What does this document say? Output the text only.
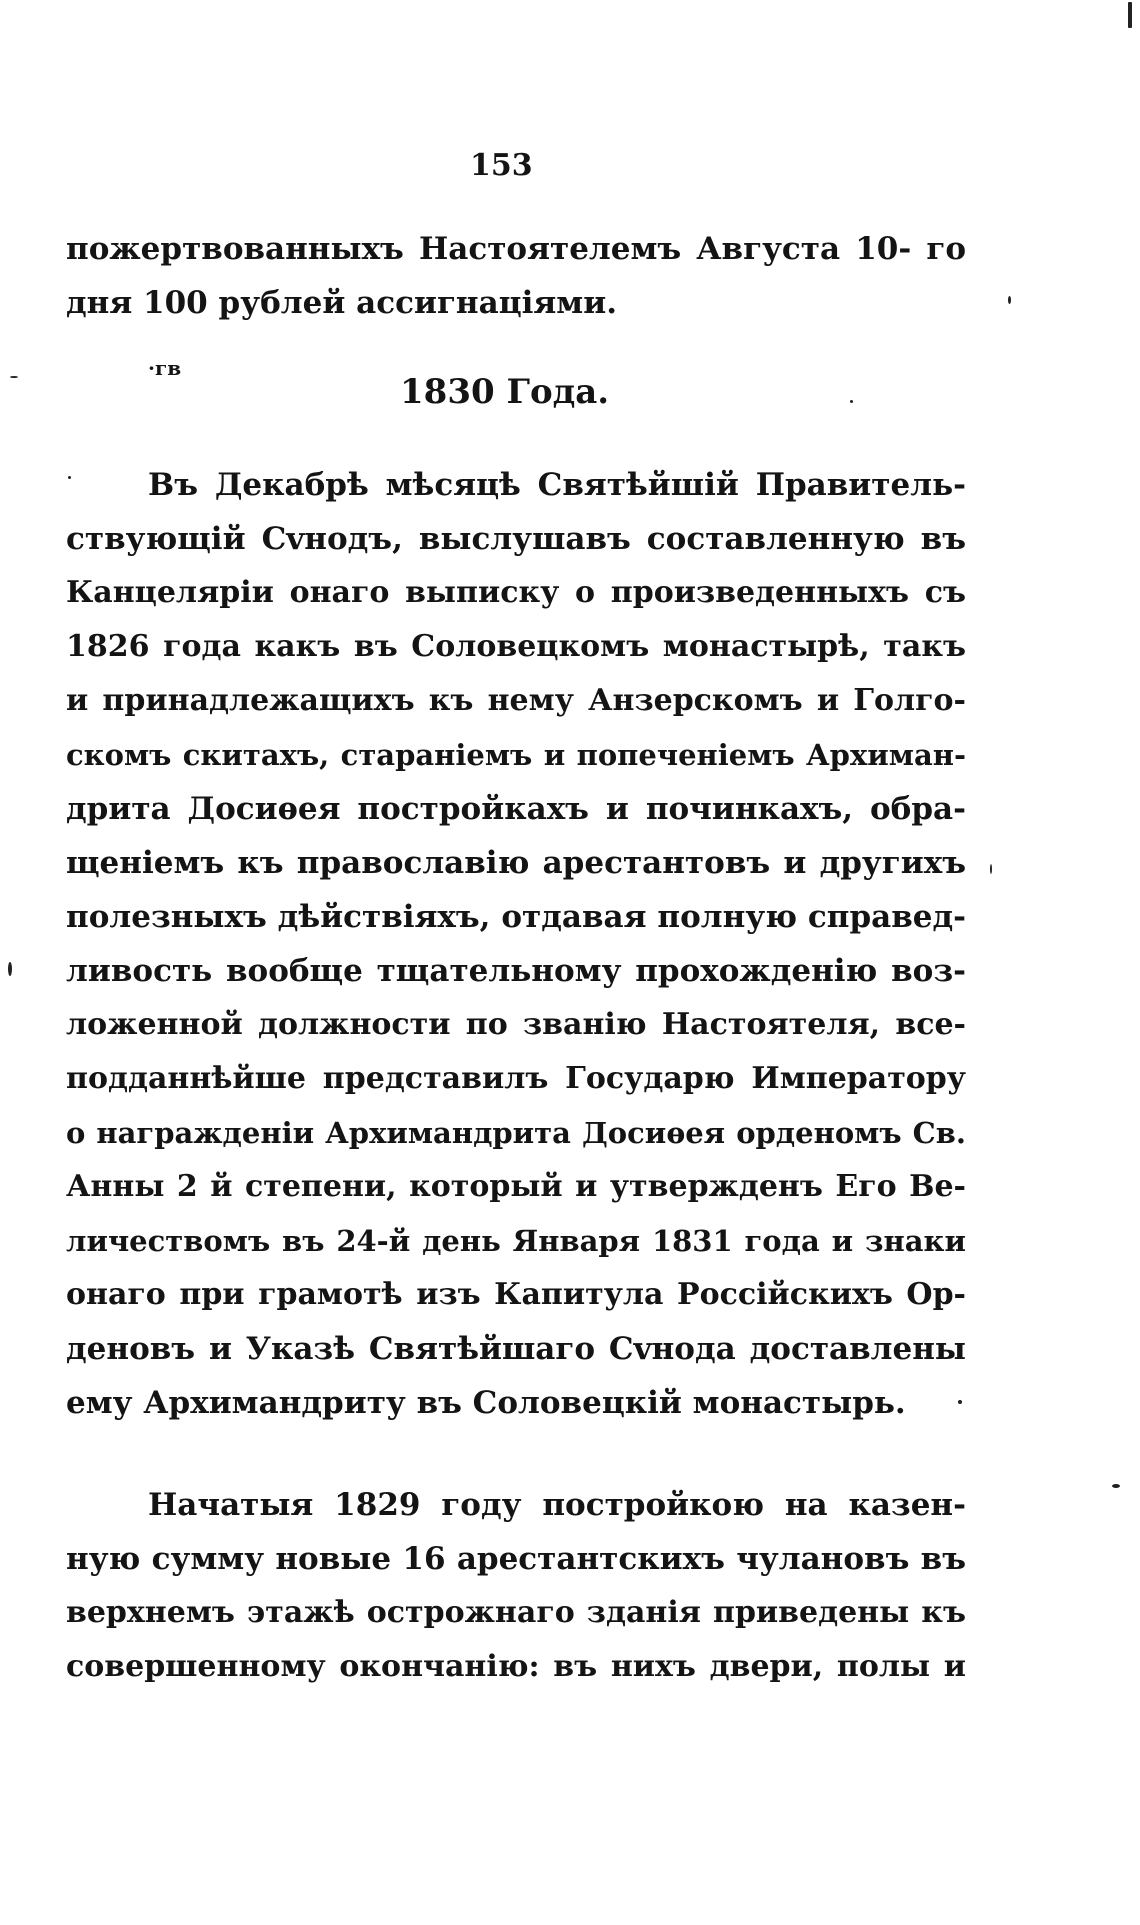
153
пожертвованныхъ Настоятелемъ Августа 10- го
дня 100 рублей ассигнаціями.
·гв
1830 Года.
Въ Декабрѣ мѣсяцѣ Святѣйшій Правитель-
ствующій Сvнодъ, выслушавъ составленную въ
Канцеляріи онаго выписку о произведенныхъ съ
1826 года какъ въ Соловецкомъ монастырѣ, такъ
и принадлежащихъ къ нему Анзерскомъ и Голго-
скомъ скитахъ, стараніемъ и попеченіемъ Архиман-
дрита Досиѳея постройкахъ и починкахъ, обра-
щеніемъ къ православію арестантовъ и другихъ
полезныхъ дѣйствіяхъ, отдавая полную справед-
ливость вообще тщательному прохожденію воз-
ложенной должности по званію Настоятеля, все-
подданнѣйше представилъ Государю Императору
о награжденіи Архимандрита Досиѳея орденомъ Св.
Анны 2 й степени, который и утвержденъ Его Ве-
личествомъ въ 24-й день Января 1831 года и знаки
онаго при грамотѣ изъ Капитула Россійскихъ Ор-
деновъ и Указѣ Святѣйшаго Сvнода доставлены
ему Архимандриту въ Соловецкій монастырь.
Начатыя 1829 году постройкою на казен-
ную сумму новые 16 арестантскихъ чулановъ въ
верхнемъ этажѣ острожнаго зданія приведены къ
совершенному окончанію: въ нихъ двери, полы и
